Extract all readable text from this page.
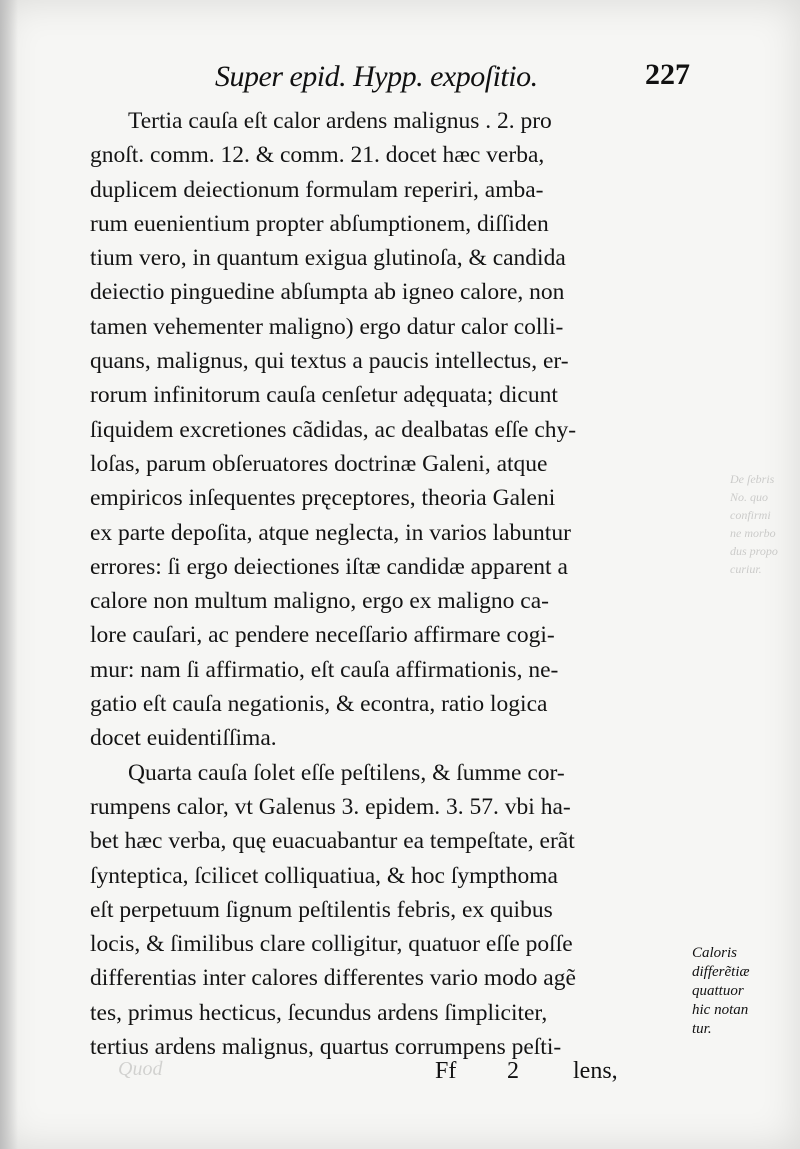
De ſebris
No. quo
confirmi
ne morbo
dus propo
curiur.
Super epid. Hypp. expoſitio.	227
Tertia cauſa eſt calor ardens malignus . 2. pro
gnoſt. comm. 12. & comm. 21. docet hæc verba,
duplicem deiectionum formulam reperiri, amba-
rum euenientium propter abſumptionem, diſſiden
tium vero, in quantum exigua glutinoſa, & candida
deiectio pinguedine abſumpta ab igneo calore, non
tamen vehementer maligno) ergo datur calor colli-
quans, malignus, qui textus a paucis intellectus, er-
rorum infinitorum cauſa cenſetur adęquata; dicunt
ſiquidem excretiones cãdidas, ac dealbatas eſſe chy-
loſas, parum obſeruatores doctrinæ Galeni, atque
empiricos inſequentes pręceptores, theoria Galeni
ex parte depoſita, atque neglecta, in varios labuntur
errores: ſi ergo deiectiones iſtæ candidæ apparent a
calore non multum maligno, ergo ex maligno ca-
lore cauſari, ac pendere neceſſario affirmare cogi-
mur: nam ſi affirmatio, eſt cauſa affirmationis, ne-
gatio eſt cauſa negationis, & econtra, ratio logica
docet euidentiſſima.
Quarta cauſa ſolet eſſe peſtilens, & ſumme cor-
rumpens calor, vt Galenus 3. epidem. 3. 57. vbi ha-
bet hæc verba, quę euacuabantur ea tempeſtate, erãt
ſynteptica, ſcilicet colliquatiua, & hoc ſympthoma
eſt perpetuum ſignum peſtilentis febris, ex quibus
locis, & ſimilibus clare colligitur, quatuor eſſe poſſe
differentias inter calores differentes vario modo agẽ
tes, primus hecticus, ſecundus ardens ſimpliciter,
tertius ardens malignus, quartus corrumpens peſti-
Caloris
differẽtiæ
quattuor
hic notan
tur.
Quod	Ff 2 lens,
